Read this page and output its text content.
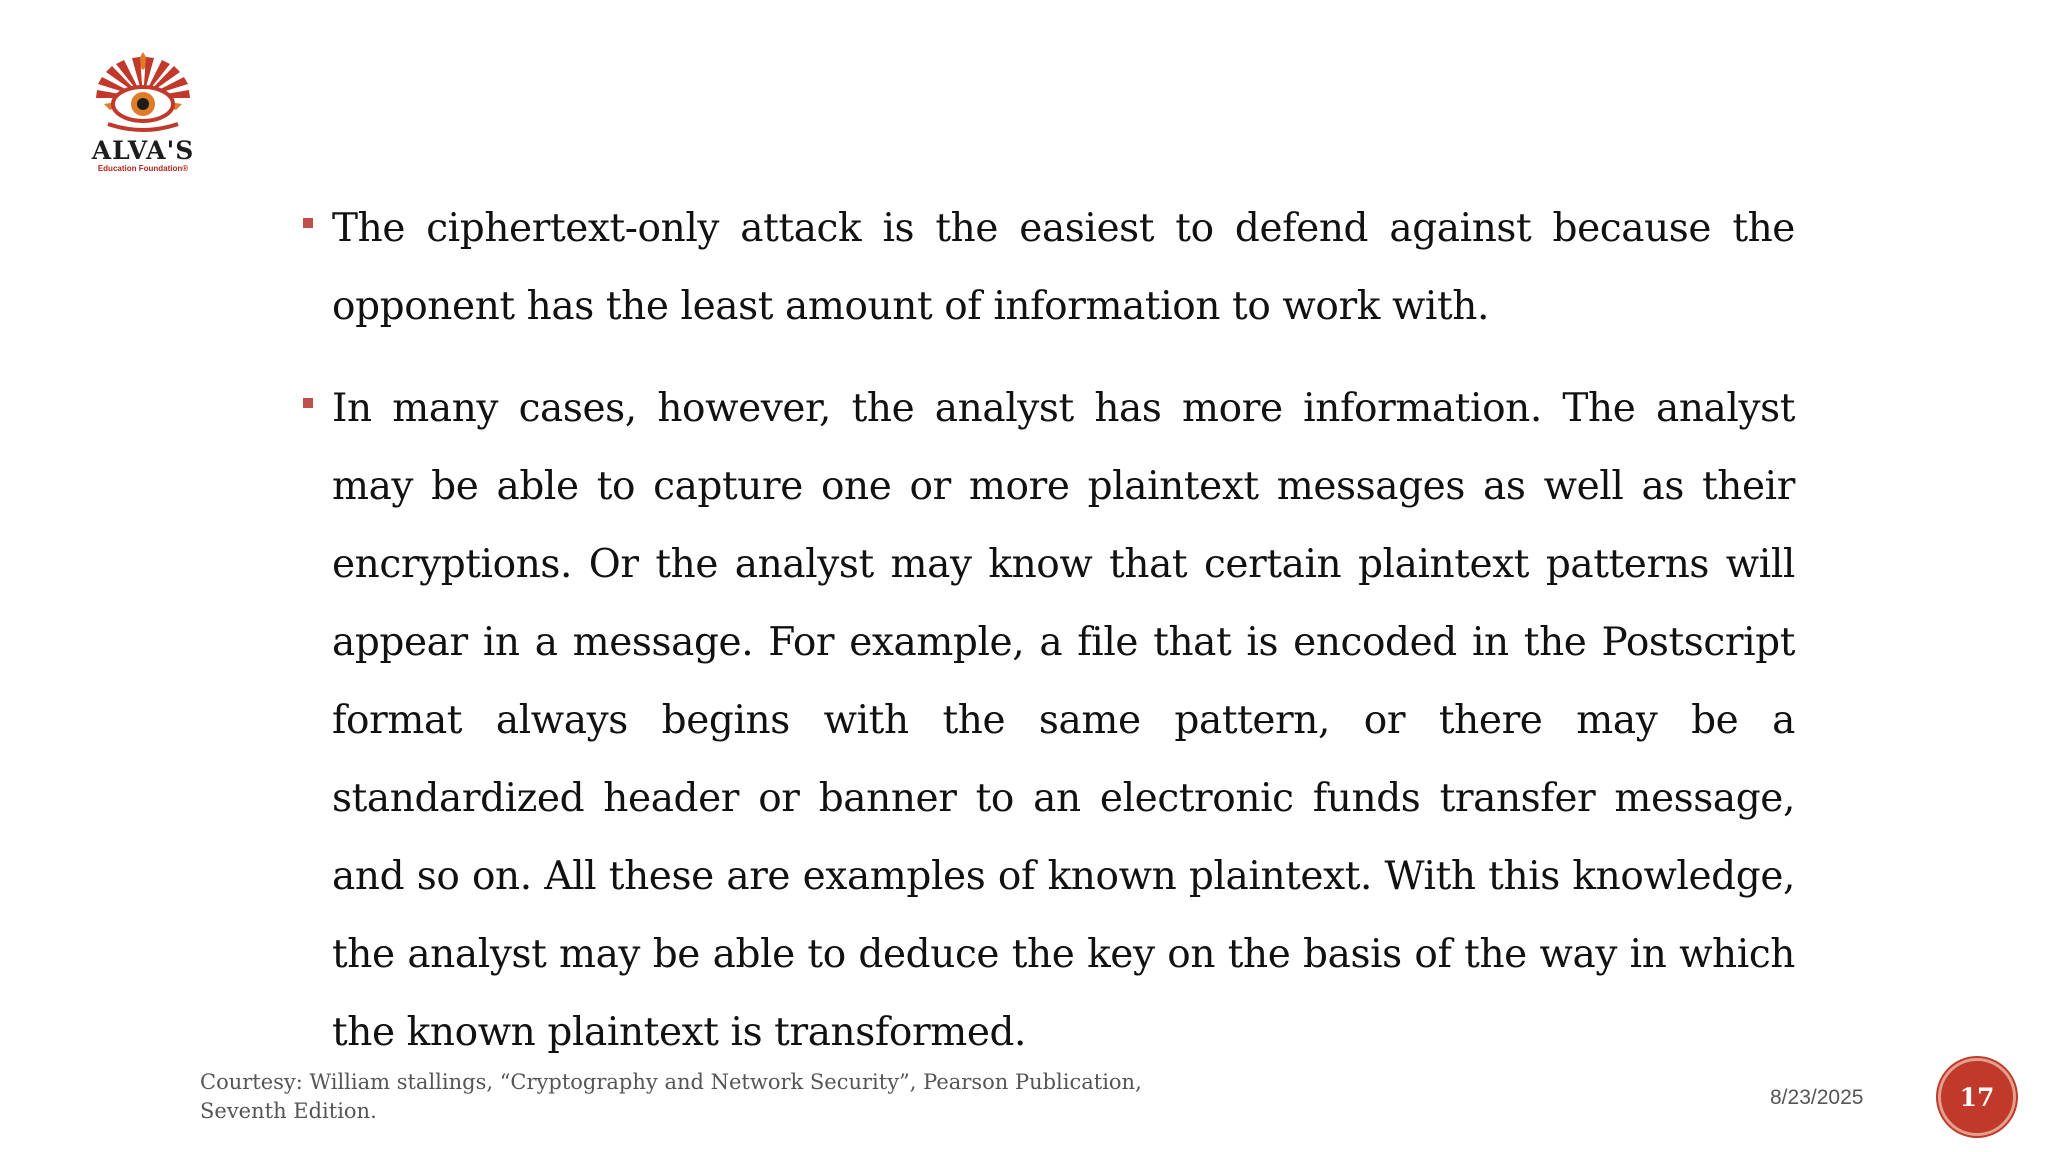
ALVA'S
Education Foundation®

The ciphertext-only attack is the easiest to defend against because the opponent has the least amount of information to work with.

In many cases, however, the analyst has more information. The analyst may be able to capture one or more plaintext messages as well as their encryptions. Or the analyst may know that certain plaintext patterns will appear in a message. For example, a file that is encoded in the Postscript format always begins with the same pattern, or there may be a standardized header or banner to an electronic funds transfer message, and so on. All these are examples of known plaintext. With this knowledge, the analyst may be able to deduce the key on the basis of the way in which the known plaintext is transformed.

Courtesy: William stallings, “Cryptography and Network Security”, Pearson Publication,
Seventh Edition.
8/23/2025	17
